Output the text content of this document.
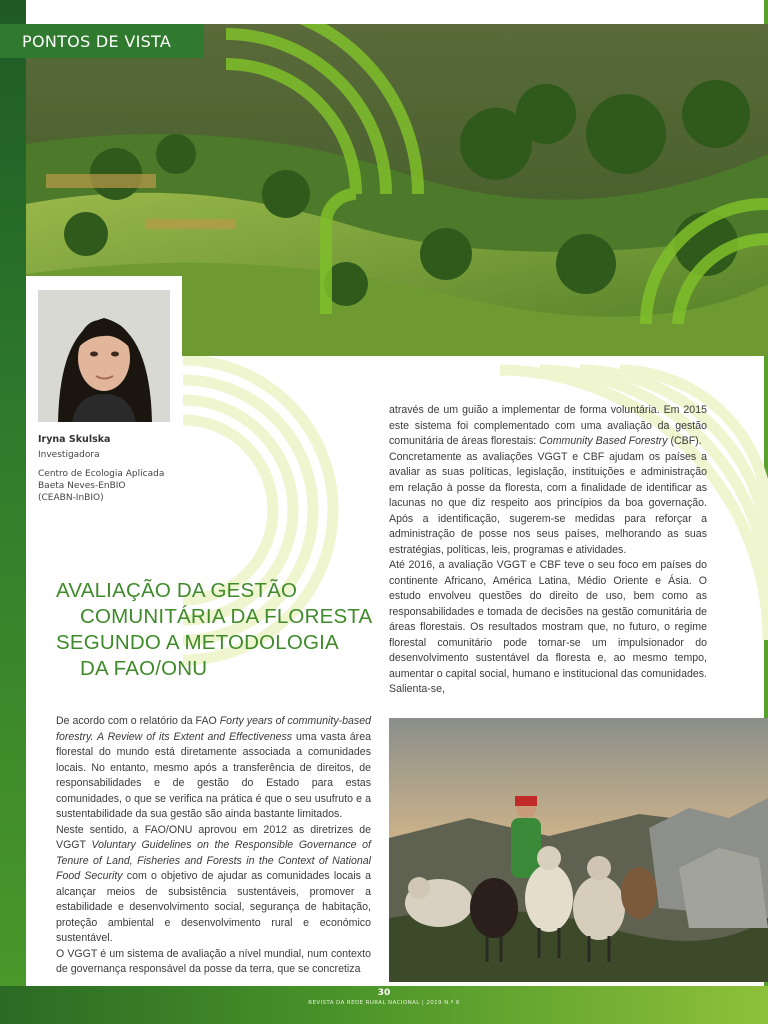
PONTOS DE VISTA
Iryna Skulska
Investigadora
Centro de Ecologia Aplicada
Baeta Neves-EnBIO
(CEABN-InBIO)
AVALIAÇÃO DA GESTÃO
COMUNITÁRIA DA FLORESTA
SEGUNDO A METODOLOGIA
DA FAO/ONU

através de um guião a implementar de forma voluntária. Em 2015 este sistema foi complementado com uma avaliação da gestão comunitária de áreas florestais: Community Based Forestry (CBF).

Concretamente as avaliações VGGT e CBF ajudam os países a avaliar as suas políticas, legislação, instituições e administração em relação à posse da floresta, com a finalidade de identificar as lacunas no que diz respeito aos princípios da boa governação. Após a identificação, sugerem-se medidas para reforçar a administração de posse nos seus países, melhorando as suas estratégias, políticas, leis, programas e atividades.

Até 2016, a avaliação VGGT e CBF teve o seu foco em países do continente Africano, América Latina, Médio Oriente e Ásia. O estudo envolveu questões do direito de uso, bem como as responsabilidades e tomada de decisões na gestão comunitária de áreas florestais. Os resultados mostram que, no futuro, o regime florestal comunitário pode tornar-se um impulsionador do desenvolvimento sustentável da floresta e, ao mesmo tempo, aumentar o capital social, humano e institucional das comunidades. Salienta-se,

De acordo com o relatório da FAO Forty years of community-based forestry. A Review of its Extent and Effectiveness uma vasta área florestal do mundo está diretamente associada a comunidades locais. No entanto, mesmo após a transferência de direitos, de responsabilidades e de gestão do Estado para estas comunidades, o que se verifica na prática é que o seu usufruto e a sustentabilidade da sua gestão são ainda bastante limitados.

Neste sentido, a FAO/ONU aprovou em 2012 as diretrizes de VGGT Voluntary Guidelines on the Responsible Governance of Tenure of Land, Fisheries and Forests in the Context of National Food Security com o objetivo de ajudar as comunidades locais a alcançar meios de subsistência sustentáveis, promover a estabilidade e desenvolvimento social, segurança de habitação, proteção ambiental e desenvolvimento rural e económico sustentável.

O VGGT é um sistema de avaliação a nível mundial, num contexto de governança responsável da posse da terra, que se concretiza

30
REVISTA DA REDE RURAL NACIONAL | 2019 N.º 6
